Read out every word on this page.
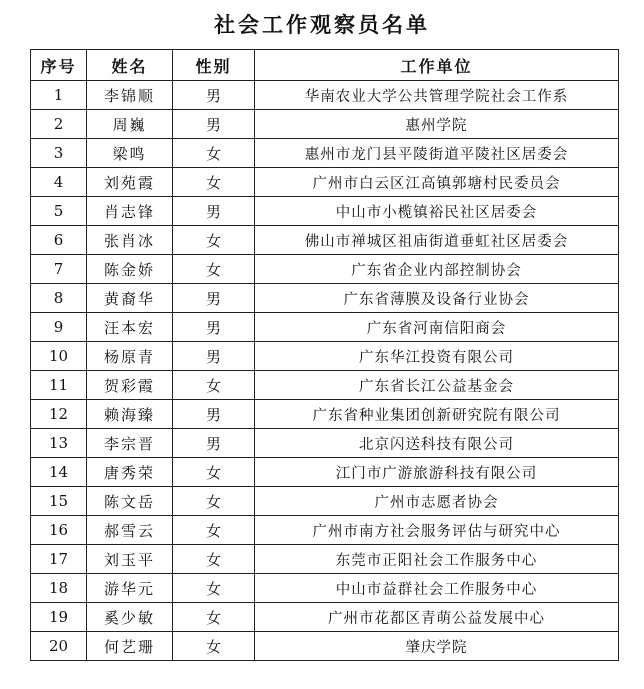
社会工作观察员名单
序号	姓名	性别	工作单位
1	李锦顺	男	华南农业大学公共管理学院社会工作系
2	周巍	男	惠州学院
3	梁鸣	女	惠州市龙门县平陵街道平陵社区居委会
4	刘苑霞	女	广州市白云区江高镇郭塘村民委员会
5	肖志锋	男	中山市小榄镇裕民社区居委会
6	张肖冰	女	佛山市禅城区祖庙街道垂虹社区居委会
7	陈金娇	女	广东省企业内部控制协会
8	黄裔华	男	广东省薄膜及设备行业协会
9	汪本宏	男	广东省河南信阳商会
10	杨原青	男	广东华江投资有限公司
11	贺彩霞	女	广东省长江公益基金会
12	赖海臻	男	广东省种业集团创新研究院有限公司
13	李宗晋	男	北京闪送科技有限公司
14	唐秀荣	女	江门市广游旅游科技有限公司
15	陈文岳	女	广州市志愿者协会
16	郝雪云	女	广州市南方社会服务评估与研究中心
17	刘玉平	女	东莞市正阳社会工作服务中心
18	游华元	女	中山市益群社会工作服务中心
19	奚少敏	女	广州市花都区青萌公益发展中心
20	何艺珊	女	肇庆学院
